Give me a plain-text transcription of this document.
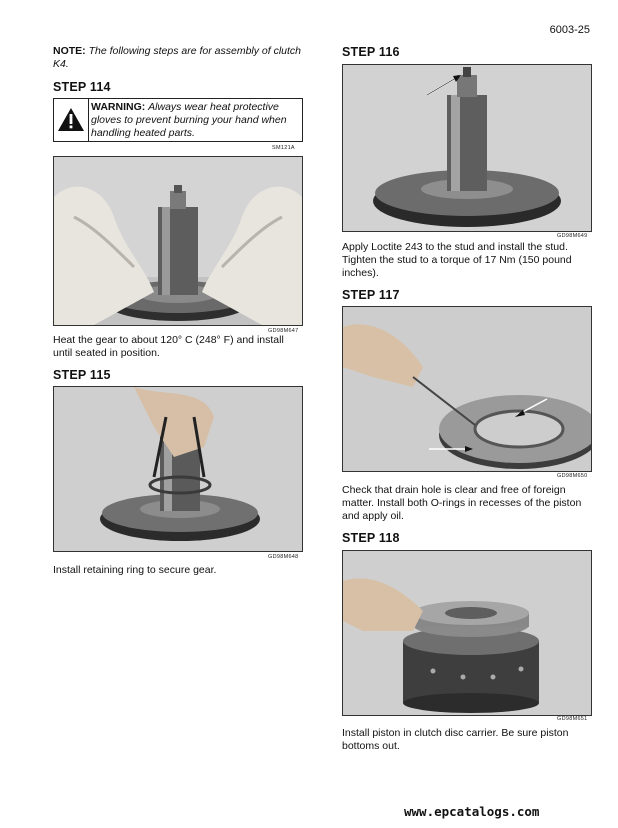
6003-25
NOTE: The following steps are for assembly of clutch K4.
STEP 114
WARNING: Always wear heat protective gloves to prevent burning your hand when handling heated parts.
SM121A
GD98M647
Heat the gear to about 120° C (248° F) and install until seated in position.
STEP 115
GD98M648
Install retaining ring to secure gear.
STEP 116
GD98M649
Apply Loctite 243 to the stud and install the stud. Tighten the stud to a torque of 17 Nm (150 pound inches).
STEP 117
GD98M650
Check that drain hole is clear and free of foreign matter. Install both O-rings in recesses of the piston and apply oil.
STEP 118
GD98M651
Install piston in clutch disc carrier. Be sure piston bottoms out.
www.epcatalogs.com
